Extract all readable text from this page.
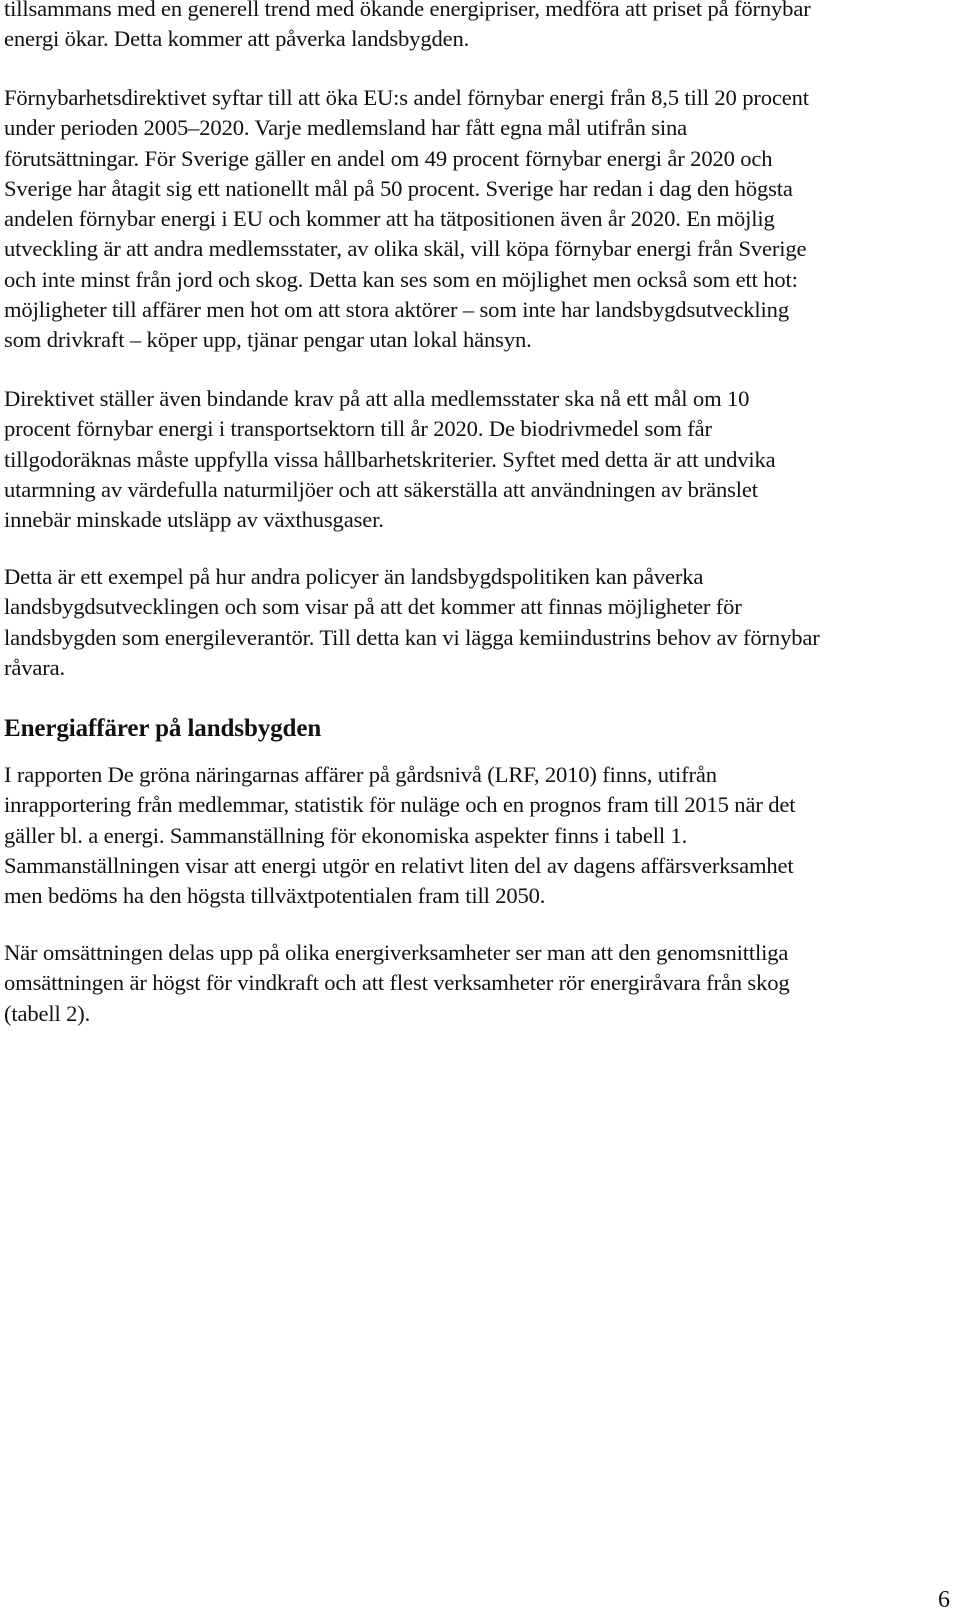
tillsammans med en generell trend med ökande energipriser, medföra att priset på förnybar
energi ökar. Detta kommer att påverka landsbygden.

Förnybarhetsdirektivet syftar till att öka EU:s andel förnybar energi från 8,5 till 20 procent
under perioden 2005–2020. Varje medlemsland har fått egna mål utifrån sina
förutsättningar. För Sverige gäller en andel om 49 procent förnybar energi år 2020 och
Sverige har åtagit sig ett nationellt mål på 50 procent. Sverige har redan i dag den högsta
andelen förnybar energi i EU och kommer att ha tätpositionen även år 2020. En möjlig
utveckling är att andra medlemsstater, av olika skäl, vill köpa förnybar energi från Sverige
och inte minst från jord och skog. Detta kan ses som en möjlighet men också som ett hot:
möjligheter till affärer men hot om att stora aktörer – som inte har landsbygdsutveckling
som drivkraft – köper upp, tjänar pengar utan lokal hänsyn.

Direktivet ställer även bindande krav på att alla medlemsstater ska nå ett mål om 10
procent förnybar energi i transportsektorn till år 2020. De biodrivmedel som får
tillgodoräknas måste uppfylla vissa hållbarhetskriterier. Syftet med detta är att undvika
utarmning av värdefulla naturmiljöer och att säkerställa att användningen av bränslet
innebär minskade utsläpp av växthusgaser.

Detta är ett exempel på hur andra policyer än landsbygdspolitiken kan påverka
landsbygdsutvecklingen och som visar på att det kommer att finnas möjligheter för
landsbygden som energileverantör. Till detta kan vi lägga kemiindustrins behov av förnybar
råvara.

Energiaffärer på landsbygden

I rapporten De gröna näringarnas affärer på gårdsnivå (LRF, 2010) finns, utifrån
inrapportering från medlemmar, statistik för nuläge och en prognos fram till 2015 när det
gäller bl. a energi. Sammanställning för ekonomiska aspekter finns i tabell 1.
Sammanställningen visar att energi utgör en relativt liten del av dagens affärsverksamhet
men bedöms ha den högsta tillväxtpotentialen fram till 2050.

När omsättningen delas upp på olika energiverksamheter ser man att den genomsnittliga
omsättningen är högst för vindkraft och att flest verksamheter rör energiråvara från skog
(tabell 2).

6
